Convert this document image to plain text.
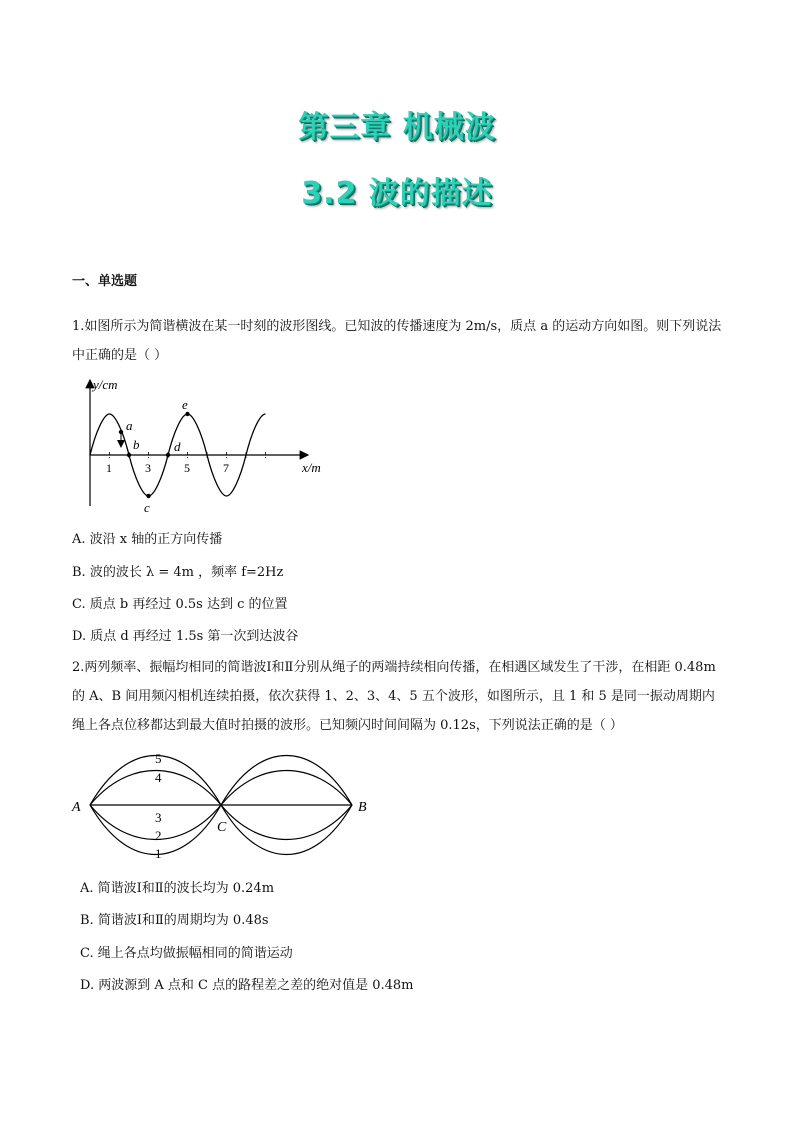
第三章 机械波
3.2 波的描述
一、单选题
1.如图所示为简谐横波在某一时刻的波形图线。已知波的传播速度为 2m/s，质点 a 的运动方向如图。则下列说法中正确的是（ ）
y/cm
x/m
1	3	5	7
a
b
c
d
e
A. 波沿 x 轴的正方向传播
B. 波的波长 λ = 4m ，频率 f=2Hz
C. 质点 b 再经过 0.5s 达到 c 的位置
D. 质点 d 再经过 1.5s 第一次到达波谷
2.两列频率、振幅均相同的简谐波Ⅰ和Ⅱ分别从绳子的两端持续相向传播，在相遇区域发生了干涉，在相距 0.48m 的 A、B 间用频闪相机连续拍摄，依次获得 1、2、3、4、5 五个波形，如图所示，且 1 和 5 是同一振动周期内绳上各点位移都达到最大值时拍摄的波形。已知频闪时间间隔为 0.12s，下列说法正确的是（ ）
A	B
C
5
4
3
2
1
A. 简谐波Ⅰ和Ⅱ的波长均为 0.24m
B. 简谐波Ⅰ和Ⅱ的周期均为 0.48s
C. 绳上各点均做振幅相同的简谐运动
D. 两波源到 A 点和 C 点的路程差之差的绝对值是 0.48m
